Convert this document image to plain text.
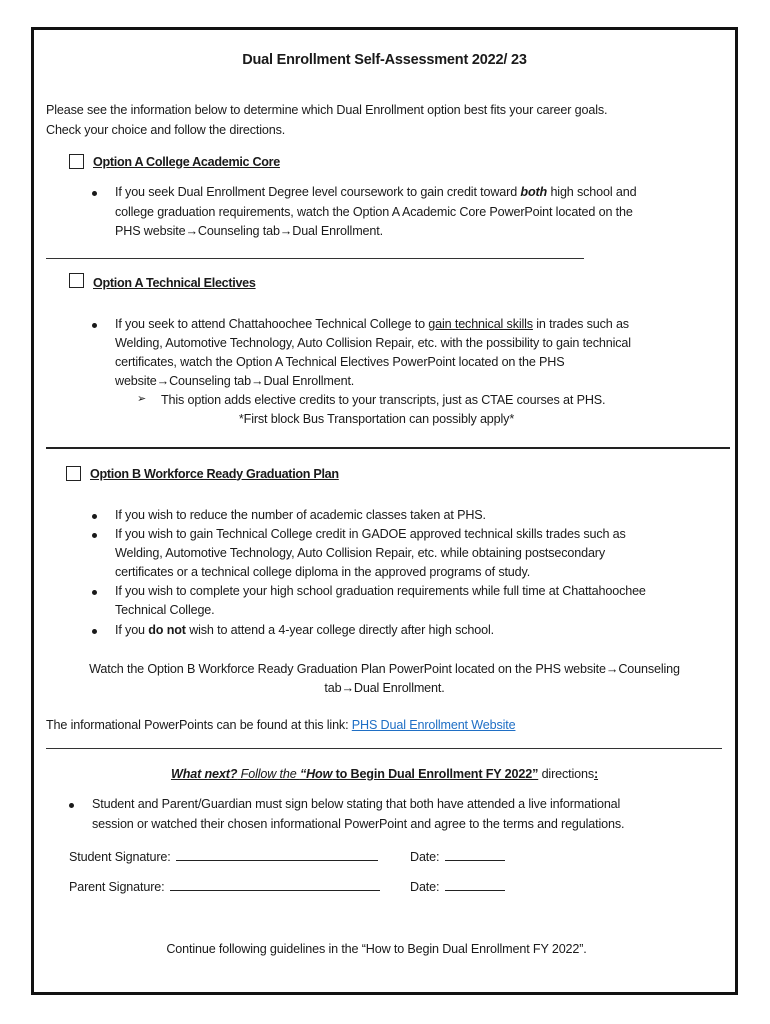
Dual Enrollment Self-Assessment 2022/ 23
Please see the information below to determine which Dual Enrollment option best fits your career goals.
Check your choice and follow the directions.
Option A College Academic Core
If you seek Dual Enrollment Degree level coursework to gain credit toward both high school and
college graduation requirements, watch the Option A Academic Core PowerPoint located on the
PHS website→Counseling tab→Dual Enrollment.
Option A Technical Electives
If you seek to attend Chattahoochee Technical College to gain technical skills in trades such as
Welding, Automotive Technology, Auto Collision Repair, etc. with the possibility to gain technical
certificates, watch the Option A Technical Electives PowerPoint located on the PHS
website→Counseling tab→Dual Enrollment.
➢ This option adds elective credits to your transcripts, just as CTAE courses at PHS.
*First block Bus Transportation can possibly apply*
Option B Workforce Ready Graduation Plan
If you wish to reduce the number of academic classes taken at PHS.
If you wish to gain Technical College credit in GADOE approved technical skills trades such as
Welding, Automotive Technology, Auto Collision Repair, etc. while obtaining postsecondary
certificates or a technical college diploma in the approved programs of study.
If you wish to complete your high school graduation requirements while full time at Chattahoochee
Technical College.
If you do not wish to attend a 4-year college directly after high school.
Watch the Option B Workforce Ready Graduation Plan PowerPoint located on the PHS website→Counseling
tab→Dual Enrollment.
The informational PowerPoints can be found at this link: PHS Dual Enrollment Website
What next? Follow the “How to Begin Dual Enrollment FY 2022” directions:
Student and Parent/Guardian must sign below stating that both have attended a live informational
session or watched their chosen informational PowerPoint and agree to the terms and regulations.
Student Signature:	Date:
Parent Signature:	Date:
Continue following guidelines in the “How to Begin Dual Enrollment FY 2022”.
